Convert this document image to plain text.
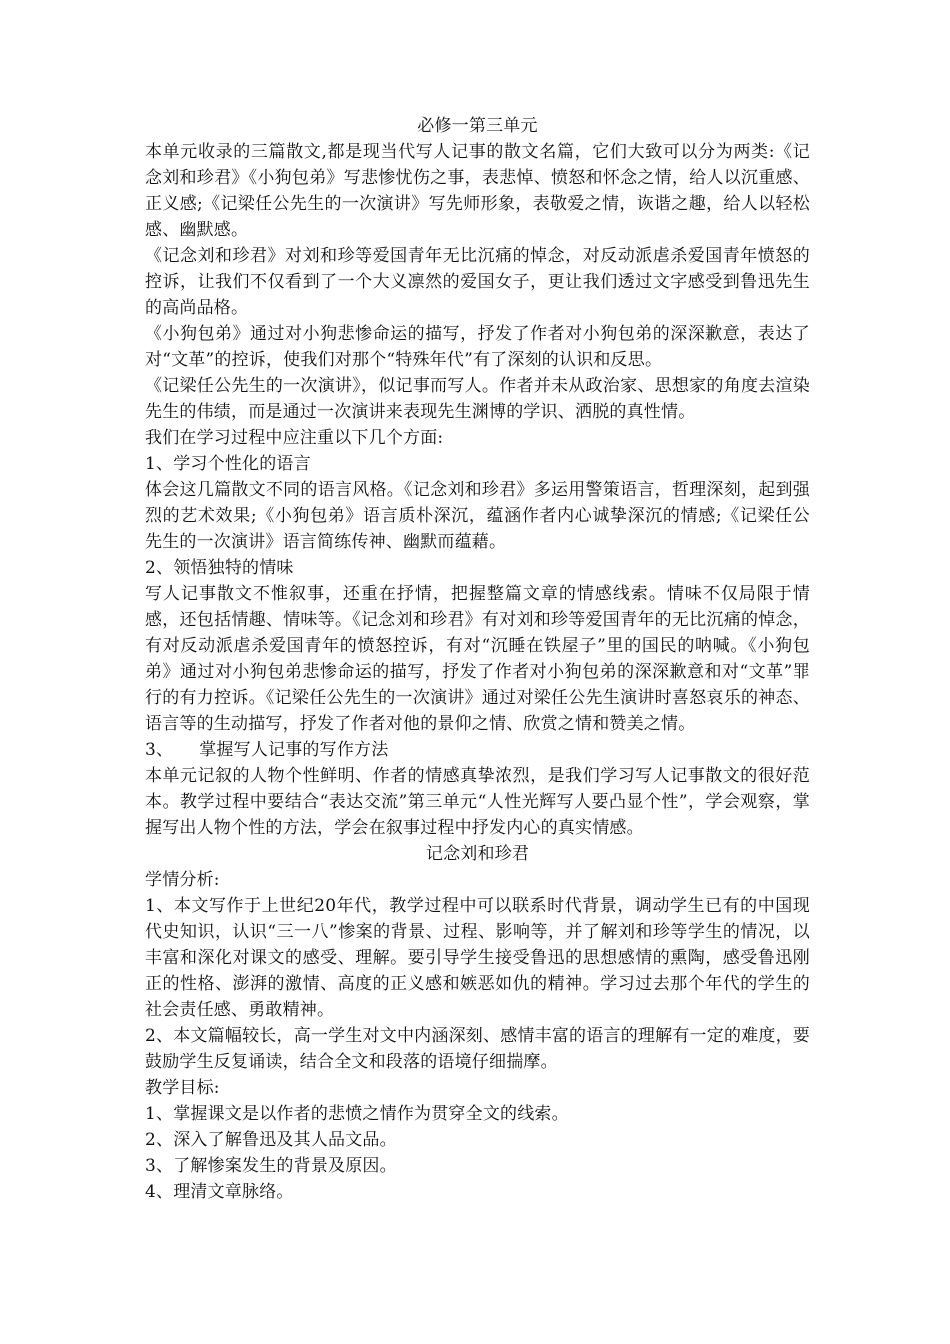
必修一第三单元

本单元收录的三篇散文,都是现当代写人记事的散文名篇，它们大致可以分为两类:《记念刘和珍君》《小狗包弟》写悲惨忧伤之事，表悲悼、愤怒和怀念之情，给人以沉重感、正义感;《记梁任公先生的一次演讲》写先师形象，表敬爱之情，诙谐之趣，给人以轻松感、幽默感。

《记念刘和珍君》对刘和珍等爱国青年无比沉痛的悼念，对反动派虐杀爱国青年愤怒的控诉，让我们不仅看到了一个大义凛然的爱国女子，更让我们透过文字感受到鲁迅先生的高尚品格。

《小狗包弟》通过对小狗悲惨命运的描写，抒发了作者对小狗包弟的深深歉意，表达了对“文革”的控诉，使我们对那个“特殊年代”有了深刻的认识和反思。

《记梁任公先生的一次演讲》，似记事而写人。作者并未从政治家、思想家的角度去渲染先生的伟绩，而是通过一次演讲来表现先生渊博的学识、洒脱的真性情。

我们在学习过程中应注重以下几个方面:

1、学习个性化的语言

体会这几篇散文不同的语言风格。《记念刘和珍君》多运用警策语言，哲理深刻，起到强烈的艺术效果;《小狗包弟》语言质朴深沉，蕴涵作者内心诚挚深沉的情感;《记梁任公先生的一次演讲》语言简练传神、幽默而蕴藉。

2、领悟独特的情味

写人记事散文不惟叙事，还重在抒情，把握整篇文章的情感线索。情味不仅局限于情感，还包括情趣、情味等。《记念刘和珍君》有对刘和珍等爱国青年的无比沉痛的悼念，有对反动派虐杀爱国青年的愤怒控诉，有对“沉睡在铁屋子”里的国民的呐喊。《小狗包弟》通过对小狗包弟悲惨命运的描写，抒发了作者对小狗包弟的深深歉意和对“文革”罪行的有力控诉。《记梁任公先生的一次演讲》通过对梁任公先生演讲时喜怒哀乐的神态、语言等的生动描写，抒发了作者对他的景仰之情、欣赏之情和赞美之情。

3、 掌握写人记事的写作方法

本单元记叙的人物个性鲜明、作者的情感真挚浓烈，是我们学习写人记事散文的很好范本。教学过程中要结合“表达交流”第三单元“人性光辉写人要凸显个性”，学会观察，掌握写出人物个性的方法，学会在叙事过程中抒发内心的真实情感。

记念刘和珍君

学情分析:

1、本文写作于上世纪20年代，教学过程中可以联系时代背景，调动学生已有的中国现代史知识，认识“三一八”惨案的背景、过程、影响等，并了解刘和珍等学生的情况，以丰富和深化对课文的感受、理解。要引导学生接受鲁迅的思想感情的熏陶，感受鲁迅刚正的性格、澎湃的激情、高度的正义感和嫉恶如仇的精神。学习过去那个年代的学生的社会责任感、勇敢精神。

2、本文篇幅较长，高一学生对文中内涵深刻、感情丰富的语言的理解有一定的难度，要鼓励学生反复诵读，结合全文和段落的语境仔细揣摩。

教学目标:

1、掌握课文是以作者的悲愤之情作为贯穿全文的线索。

2、深入了解鲁迅及其人品文品。

3、了解惨案发生的背景及原因。

4、理清文章脉络。
